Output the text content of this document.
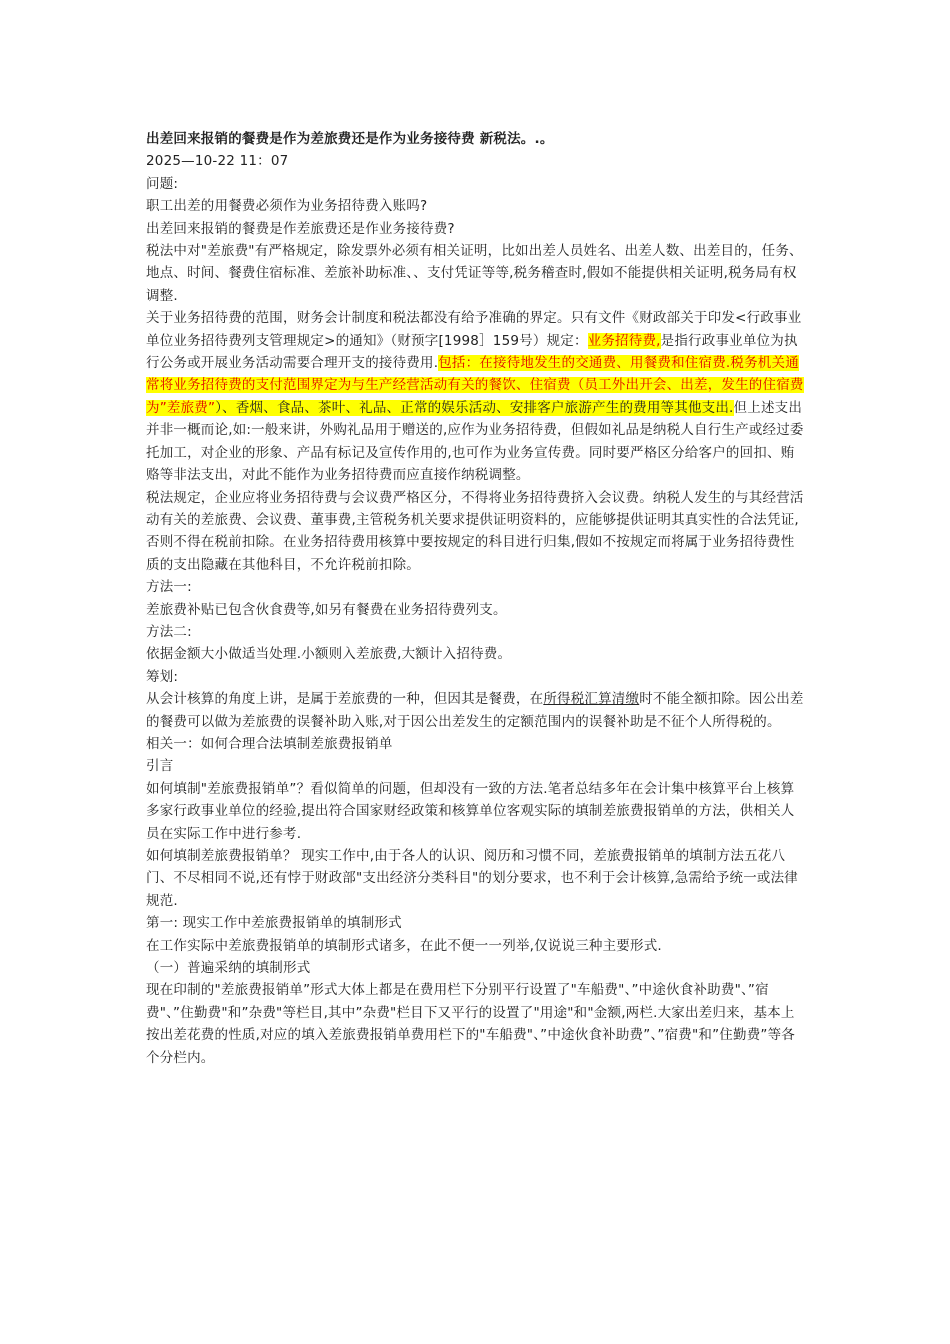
出差回来报销的餐费是作为差旅费还是作为业务接待费 新税法。.。

2025—10-22 11：07

问题:

职工出差的用餐费必须作为业务招待费入账吗?

出差回来报销的餐费是作差旅费还是作业务接待费?

税法中对"差旅费"有严格规定，除发票外必须有相关证明，比如出差人员姓名、出差人数、出差目的，任务、地点、时间、餐费住宿标准、差旅补助标准、、支付凭证等等,税务稽查时,假如不能提供相关证明,税务局有权调整.

关于业务招待费的范围，财务会计制度和税法都没有给予准确的界定。只有文件《财政部关于印发<行政事业单位业务招待费列支管理规定>的通知》（财预字[1998］159号）规定：业务招待费,是指行政事业单位为执行公务或开展业务活动需要合理开支的接待费用.包括：在接待地发生的交通费、用餐费和住宿费.税务机关通常将业务招待费的支付范围界定为与生产经营活动有关的餐饮、住宿费（员工外出开会、出差，发生的住宿费为”差旅费”）、香烟、食品、茶叶、礼品、正常的娱乐活动、安排客户旅游产生的费用等其他支出.但上述支出并非一概而论,如:一般来讲，外购礼品用于赠送的,应作为业务招待费，但假如礼品是纳税人自行生产或经过委托加工，对企业的形象、产品有标记及宣传作用的,也可作为业务宣传费。同时要严格区分给客户的回扣、贿赂等非法支出，对此不能作为业务招待费而应直接作纳税调整。

税法规定，企业应将业务招待费与会议费严格区分，不得将业务招待费挤入会议费。纳税人发生的与其经营活动有关的差旅费、会议费、董事费,主管税务机关要求提供证明资料的，应能够提供证明其真实性的合法凭证,否则不得在税前扣除。在业务招待费用核算中要按规定的科目进行归集,假如不按规定而将属于业务招待费性质的支出隐藏在其他科目，不允许税前扣除。

方法一:

差旅费补贴已包含伙食费等,如另有餐费在业务招待费列支。

方法二:

依据金额大小做适当处理.小额则入差旅费,大额计入招待费。

筹划:

从会计核算的角度上讲，是属于差旅费的一种，但因其是餐费，在所得税汇算清缴时不能全额扣除。因公出差的餐费可以做为差旅费的误餐补助入账,对于因公出差发生的定额范围内的误餐补助是不征个人所得税的。

相关一：如何合理合法填制差旅费报销单

引言

如何填制"差旅费报销单”？看似简单的问题，但却没有一致的方法.笔者总结多年在会计集中核算平台上核算多家行政事业单位的经验,提出符合国家财经政策和核算单位客观实际的填制差旅费报销单的方法，供相关人员在实际工作中进行参考.

如何填制差旅费报销单？ 现实工作中,由于各人的认识、阅历和习惯不同，差旅费报销单的填制方法五花八门、不尽相同不说,还有悖于财政部"支出经济分类科目"的划分要求，也不利于会计核算,急需给予统一或法律规范.

第一: 现实工作中差旅费报销单的填制形式

在工作实际中差旅费报销单的填制形式诸多，在此不便一一列举,仅说说三种主要形式.

（一）普遍采纳的填制形式

现在印制的"差旅费报销单”形式大体上都是在费用栏下分别平行设置了"车船费"、”中途伙食补助费"、”宿费"、”住勤费"和”杂费"等栏目,其中”杂费"栏目下又平行的设置了"用途"和"金额,两栏.大家出差归来，基本上按出差花费的性质,对应的填入差旅费报销单费用栏下的"车船费"、”中途伙食补助费”、”宿费"和”住勤费”等各个分栏内。
